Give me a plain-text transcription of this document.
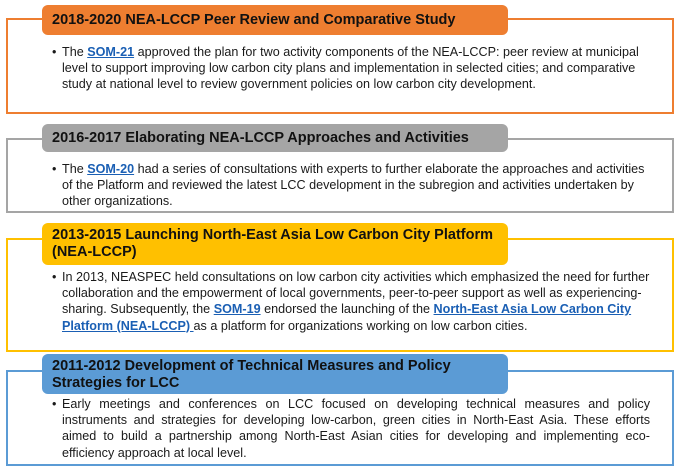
2018-2020 NEA-LCCP Peer Review and Comparative Study

• The SOM-21 approved the plan for two activity components of the NEA-LCCP: peer review at municipal level to support improving low carbon city plans and implementation in selected cities; and comparative study at national level to review government policies on low carbon city development.

2016-2017 Elaborating NEA-LCCP Approaches and Activities

• The SOM-20 had a series of consultations with experts to further elaborate the approaches and activities of the Platform and reviewed the latest LCC development in the subregion and activities undertaken by other organizations.

2013-2015 Launching North-East Asia Low Carbon City Platform (NEA-LCCP)

• In 2013, NEASPEC held consultations on low carbon city activities which emphasized the need for further collaboration and the empowerment of local governments, peer-to-peer support as well as experiencing-sharing. Subsequently, the SOM-19 endorsed the launching of the North-East Asia Low Carbon City Platform (NEA-LCCP) as a platform for organizations working on low carbon cities.

2011-2012 Development of Technical Measures and Policy Strategies for LCC

• Early meetings and conferences on LCC focused on developing technical measures and policy instruments and strategies for developing low-carbon, green cities in North-East Asia. These efforts aimed to build a partnership among North-East Asian cities for developing and implementing eco-efficiency approach at local level.
